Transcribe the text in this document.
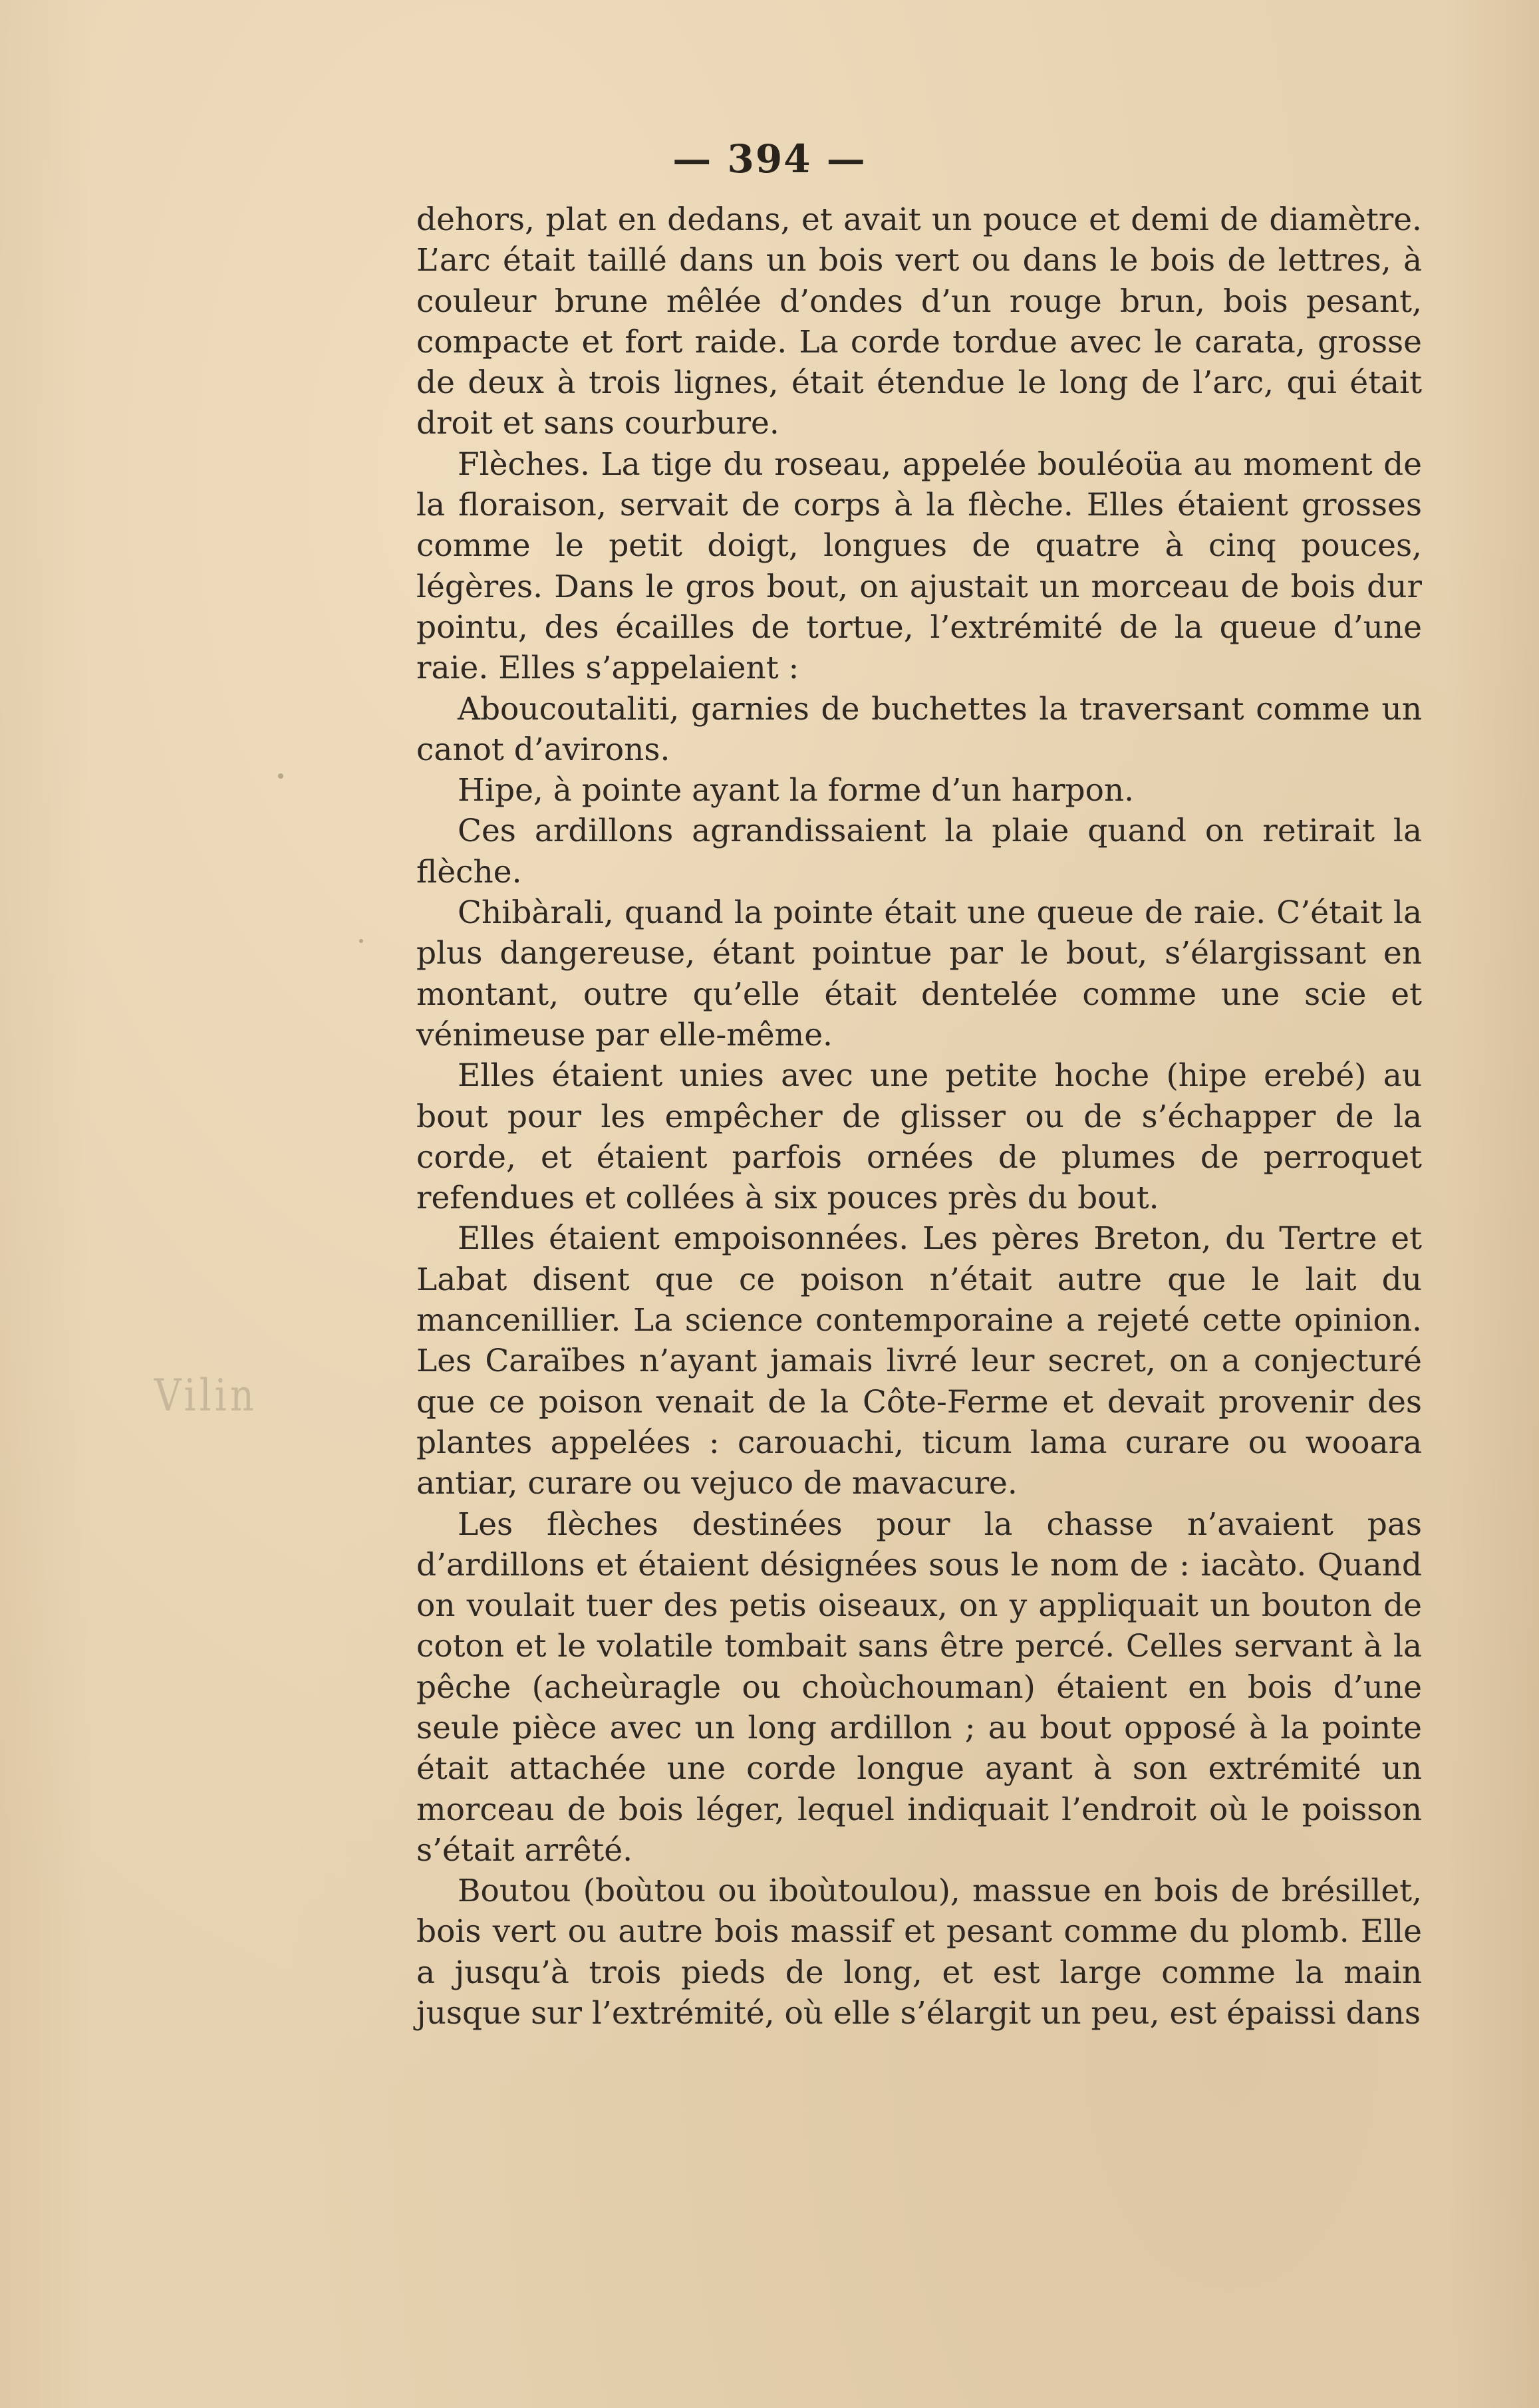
— 394 —
Vilin

dehors, plat en dedans, et avait un pouce et demi de diamètre. L’arc était taillé dans un bois vert ou dans le bois de lettres, à couleur brune mêlée d’ondes d’un rouge brun, bois pesant, compacte et fort raide. La corde tordue avec le carata, grosse de deux à trois lignes, était étendue le long de l’arc, qui était droit et sans courbure.

Flèches. La tige du roseau, appelée bouléoüa au moment de la floraison, servait de corps à la flèche. Elles étaient grosses comme le petit doigt, longues de quatre à cinq pouces, légères. Dans le gros bout, on ajustait un morceau de bois dur pointu, des écailles de tortue, l’extrémité de la queue d’une raie. Elles s’appelaient :

Aboucoutaliti, garnies de buchettes la traversant comme un canot d’avirons.

Hipe, à pointe ayant la forme d’un harpon.

Ces ardillons agrandissaient la plaie quand on retirait la flèche.

Chibàrali, quand la pointe était une queue de raie. C’était la plus dangereuse, étant pointue par le bout, s’élargissant en montant, outre qu’elle était dentelée comme une scie et vénimeuse par elle-même.

Elles étaient unies avec une petite hoche (hipe erebé) au bout pour les empêcher de glisser ou de s’échapper de la corde, et étaient parfois ornées de plumes de perroquet refendues et collées à six pouces près du bout.

Elles étaient empoisonnées. Les pères Breton, du Tertre et Labat disent que ce poison n’était autre que le lait du mancenillier. La science contemporaine a rejeté cette opinion. Les Caraïbes n’ayant jamais livré leur secret, on a conjecturé que ce poison venait de la Côte-Ferme et devait provenir des plantes appelées : carouachi, ticum lama curare ou wooara antiar, curare ou vejuco de mavacure.

Les flèches destinées pour la chasse n’avaient pas d’ardillons et étaient désignées sous le nom de : iacàto. Quand on voulait tuer des petis oiseaux, on y appliquait un bouton de coton et le volatile tombait sans être percé. Celles servant à la pêche (acheùragle ou choùchouman) étaient en bois d’une seule pièce avec un long ardillon ; au bout opposé à la pointe était attachée une corde longue ayant à son extrémité un morceau de bois léger, lequel indiquait l’endroit où le poisson s’était arrêté.

Boutou (boùtou ou iboùtoulou), massue en bois de brésillet, bois vert ou autre bois massif et pesant comme du plomb. Elle a jusqu’à trois pieds de long, et est large comme la main jusque sur l’extrémité, où elle s’élargit un peu, est épaissi dans
